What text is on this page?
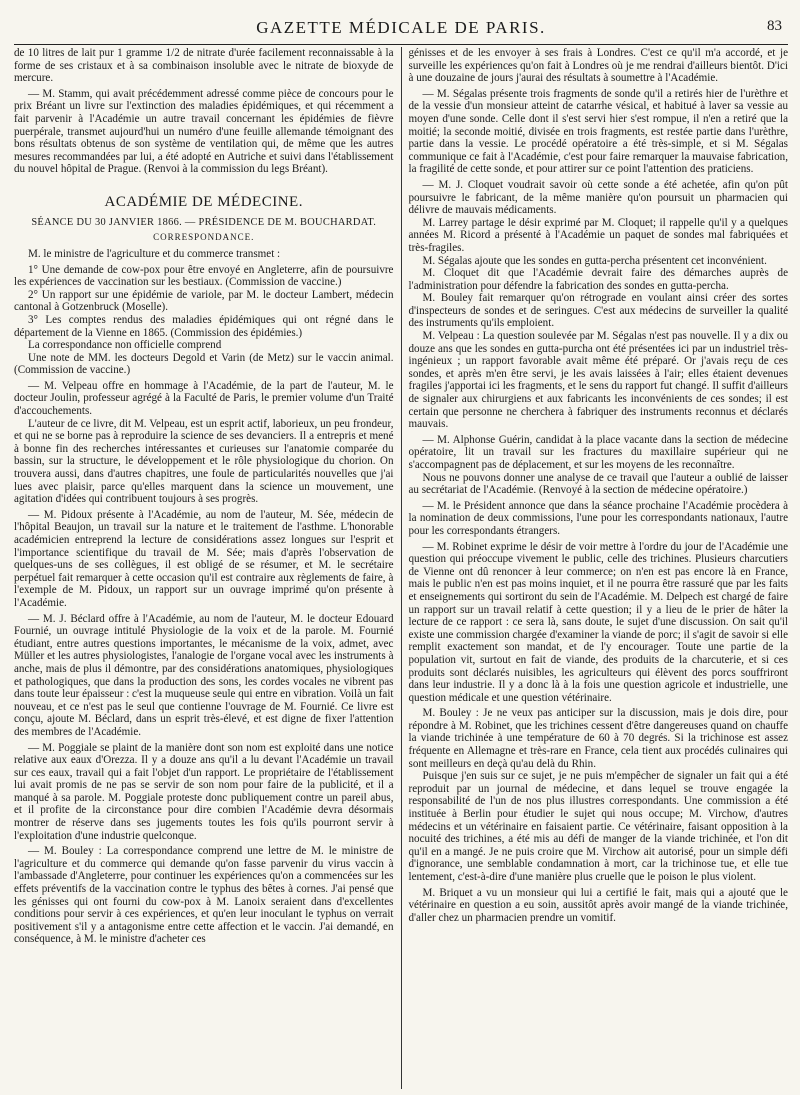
GAZETTE MÉDICALE DE PARIS.	83

de 10 litres de lait pur 1 gramme 1/2 de nitrate d'urée facilement reconnaissable à la forme de ses cristaux et à sa combinaison insoluble avec le nitrate de bioxyde de mercure.

— M. Stamm, qui avait précédemment adressé comme pièce de concours pour le prix Bréant un livre sur l'extinction des maladies épidémiques, et qui récemment a fait parvenir à l'Académie un autre travail concernant les épidémies de fièvre puerpérale, transmet aujourd'hui un numéro d'une feuille allemande témoignant des bons résultats obtenus de son système de ventilation qui, de même que les autres mesures recommandées par lui, a été adopté en Autriche et suivi dans l'établissement du nouvel hôpital de Prague. (Renvoi à la commission du legs Bréant).

ACADÉMIE DE MÉDECINE.
SÉANCE DU 30 JANVIER 1866. — PRÉSIDENCE DE M. BOUCHARDAT.
CORRESPONDANCE.

M. le ministre de l'agriculture et du commerce transmet :

1° Une demande de cow-pox pour être envoyé en Angleterre, afin de poursuivre les expériences de vaccination sur les bestiaux. (Commission de vaccine.)

2° Un rapport sur une épidémie de variole, par M. le docteur Lambert, médecin cantonal à Gotzenbruck (Moselle).

3° Les comptes rendus des maladies épidémiques qui ont régné dans le département de la Vienne en 1865. (Commission des épidémies.)

La correspondance non officielle comprend

Une note de MM. les docteurs Degold et Varin (de Metz) sur le vaccin animal. (Commission de vaccine.)

— M. Velpeau offre en hommage à l'Académie, de la part de l'auteur, M. le docteur Joulin, professeur agrégé à la Faculté de Paris, le premier volume d'un Traité d'accouchements.

L'auteur de ce livre, dit M. Velpeau, est un esprit actif, laborieux, un peu frondeur, et qui ne se borne pas à reproduire la science de ses devanciers. Il a entrepris et mené à bonne fin des recherches intéressantes et curieuses sur l'anatomie comparée du bassin, sur la structure, le développement et le rôle physiologique du chorion. On trouvera aussi, dans d'autres chapitres, une foule de particularités nouvelles que j'ai lues avec plaisir, parce qu'elles marquent dans la science un mouvement, une agitation d'idées qui contribuent toujours à ses progrès.

— M. Pidoux présente à l'Académie, au nom de l'auteur, M. Sée, médecin de l'hôpital Beaujon, un travail sur la nature et le traitement de l'asthme. L'honorable académicien entreprend la lecture de considérations assez longues sur l'esprit et l'importance scientifique du travail de M. Sée; mais d'après l'observation de quelques-uns de ses collègues, il est obligé de se résumer, et M. le secrétaire perpétuel fait remarquer à cette occasion qu'il est contraire aux règlements de faire, à l'exemple de M. Pidoux, un rapport sur un ouvrage imprimé qu'on présente à l'Académie.

— M. J. Béclard offre à l'Académie, au nom de l'auteur, M. le docteur Edouard Fournié, un ouvrage intitulé Physiologie de la voix et de la parole. M. Fournié étudiant, entre autres questions importantes, le mécanisme de la voix, admet, avec Müller et les autres physiologistes, l'analogie de l'organe vocal avec les instruments à anche, mais de plus il démontre, par des considérations anatomiques, physiologiques et pathologiques, que dans la production des sons, les cordes vocales ne vibrent pas dans toute leur épaisseur : c'est la muqueuse seule qui entre en vibration. Voilà un fait nouveau, et ce n'est pas le seul que contienne l'ouvrage de M. Fournié. Ce livre est conçu, ajoute M. Béclard, dans un esprit très-élevé, et est digne de fixer l'attention des membres de l'Académie.

— M. Poggiale se plaint de la manière dont son nom est exploité dans une notice relative aux eaux d'Orezza. Il y a douze ans qu'il a lu devant l'Académie un travail sur ces eaux, travail qui a fait l'objet d'un rapport. Le propriétaire de l'établissement lui avait promis de ne pas se servir de son nom pour faire de la publicité, et il a manqué à sa parole. M. Poggiale proteste donc publiquement contre un pareil abus, et il profite de la circonstance pour dire combien l'Académie devra désormais montrer de réserve dans ses jugements toutes les fois qu'ils pourront servir à l'exploitation d'une industrie quelconque.

— M. Bouley : La correspondance comprend une lettre de M. le ministre de l'agriculture et du commerce qui demande qu'on fasse parvenir du virus vaccin à l'ambassade d'Angleterre, pour continuer les expériences qu'on a commencées sur les effets préventifs de la vaccination contre le typhus des bêtes à cornes. J'ai pensé que les génisses qui ont fourni du cow-pox à M. Lanoix seraient dans d'excellentes conditions pour servir à ces expériences, et qu'en leur inoculant le typhus on verrait positivement s'il y a antagonisme entre cette affection et le vaccin. J'ai demandé, en conséquence, à M. le ministre d'acheter ces

génisses et de les envoyer à ses frais à Londres. C'est ce qu'il m'a accordé, et je surveille les expériences qu'on fait à Londres où je me rendrai d'ailleurs bientôt. D'ici à une douzaine de jours j'aurai des résultats à soumettre à l'Académie.

— M. Ségalas présente trois fragments de sonde qu'il a retirés hier de l'urèthre et de la vessie d'un monsieur atteint de catarrhe vésical, et habitué à laver sa vessie au moyen d'une sonde. Celle dont il s'est servi hier s'est rompue, il n'en a retiré que la moitié; la seconde moitié, divisée en trois fragments, est restée partie dans l'urèthre, partie dans la vessie. Le procédé opératoire a été très-simple, et si M. Ségalas communique ce fait à l'Académie, c'est pour faire remarquer la mauvaise fabrication, la fragilité de cette sonde, et pour attirer sur ce point l'attention des praticiens.

— M. J. Cloquet voudrait savoir où cette sonde a été achetée, afin qu'on pût poursuivre le fabricant, de la même manière qu'on poursuit un pharmacien qui délivre de mauvais médicaments.

M. Larrey partage le désir exprimé par M. Cloquet; il rappelle qu'il y a quelques années M. Ricord a présenté à l'Académie un paquet de sondes mal fabriquées et très-fragiles.

M. Ségalas ajoute que les sondes en gutta-percha présentent cet inconvénient.

M. Cloquet dit que l'Académie devrait faire des démarches auprès de l'administration pour défendre la fabrication des sondes en gutta-percha.

M. Bouley fait remarquer qu'on rétrograde en voulant ainsi créer des sortes d'inspecteurs de sondes et de seringues. C'est aux médecins de surveiller la qualité des instruments qu'ils emploient.

M. Velpeau : La question soulevée par M. Ségalas n'est pas nouvelle. Il y a dix ou douze ans que les sondes en gutta-purcha ont été présentées ici par un industriel très-ingénieux ; un rapport favorable avait même été préparé. Or j'avais reçu de ces sondes, et après m'en être servi, je les avais laissées à l'air; elles étaient devenues fragiles j'apportai ici les fragments, et le sens du rapport fut changé. Il suffit d'ailleurs de signaler aux chirurgiens et aux fabricants les inconvénients de ces sondes; il est certain que personne ne cherchera à fabriquer des instruments reconnus et déclarés mauvais.

— M. Alphonse Guérin, candidat à la place vacante dans la section de médecine opératoire, lit un travail sur les fractures du maxillaire supérieur qui ne s'accompagnent pas de déplacement, et sur les moyens de les reconnaître.

Nous ne pouvons donner une analyse de ce travail que l'auteur a oublié de laisser au secrétariat de l'Académie. (Renvoyé à la section de médecine opératoire.)

— M. le Président annonce que dans la séance prochaine l'Académie procèdera à la nomination de deux commissions, l'une pour les correspondants nationaux, l'autre pour les correspondants étrangers.

— M. Robinet exprime le désir de voir mettre à l'ordre du jour de l'Académie une question qui préoccupe vivement le public, celle des trichines. Plusieurs charcutiers de Vienne ont dû renoncer à leur commerce; on n'en est pas encore là en France, mais le public n'en est pas moins inquiet, et il ne pourra être rassuré que par les faits et enseignements qui sortiront du sein de l'Académie. M. Delpech est chargé de faire un rapport sur un travail relatif à cette question; il y a lieu de le prier de hâter la lecture de ce rapport : ce sera là, sans doute, le sujet d'une discussion. On sait qu'il existe une commission chargée d'examiner la viande de porc; il s'agit de savoir si elle remplit exactement son mandat, et de l'y encourager. Toute une partie de la population vit, surtout en fait de viande, des produits de la charcuterie, et si ces produits sont déclarés nuisibles, les agriculteurs qui élèvent des porcs souffriront dans leur industrie. Il y a donc là à la fois une question agricole et industrielle, une question médicale et une question vétérinaire.

M. Bouley : Je ne veux pas anticiper sur la discussion, mais je dois dire, pour répondre à M. Robinet, que les trichines cessent d'être dangereuses quand on chauffe la viande trichinée à une température de 60 à 70 degrés. Si la trichinose est assez fréquente en Allemagne et très-rare en France, cela tient aux procédés culinaires qui sont meilleurs en deçà qu'au delà du Rhin.

Puisque j'en suis sur ce sujet, je ne puis m'empêcher de signaler un fait qui a été reproduit par un journal de médecine, et dans lequel se trouve engagée la responsabilité de l'un de nos plus illustres correspondants. Une commission a été instituée à Berlin pour étudier le sujet qui nous occupe; M. Virchow, d'autres médecins et un vétérinaire en faisaient partie. Ce vétérinaire, faisant opposition à la nocuité des trichines, a été mis au défi de manger de la viande trichinée, et l'on dit qu'il en a mangé. Je ne puis croire que M. Virchow ait autorisé, pour un simple défi d'ignorance, une semblable condamnation à mort, car la trichinose tue, et elle tue lentement, c'est-à-dire d'une manière plus cruelle que le poison le plus violent.

M. Briquet a vu un monsieur qui lui a certifié le fait, mais qui a ajouté que le vétérinaire en question a eu soin, aussitôt après avoir mangé de la viande trichinée, d'aller chez un pharmacien prendre un vomitif.
